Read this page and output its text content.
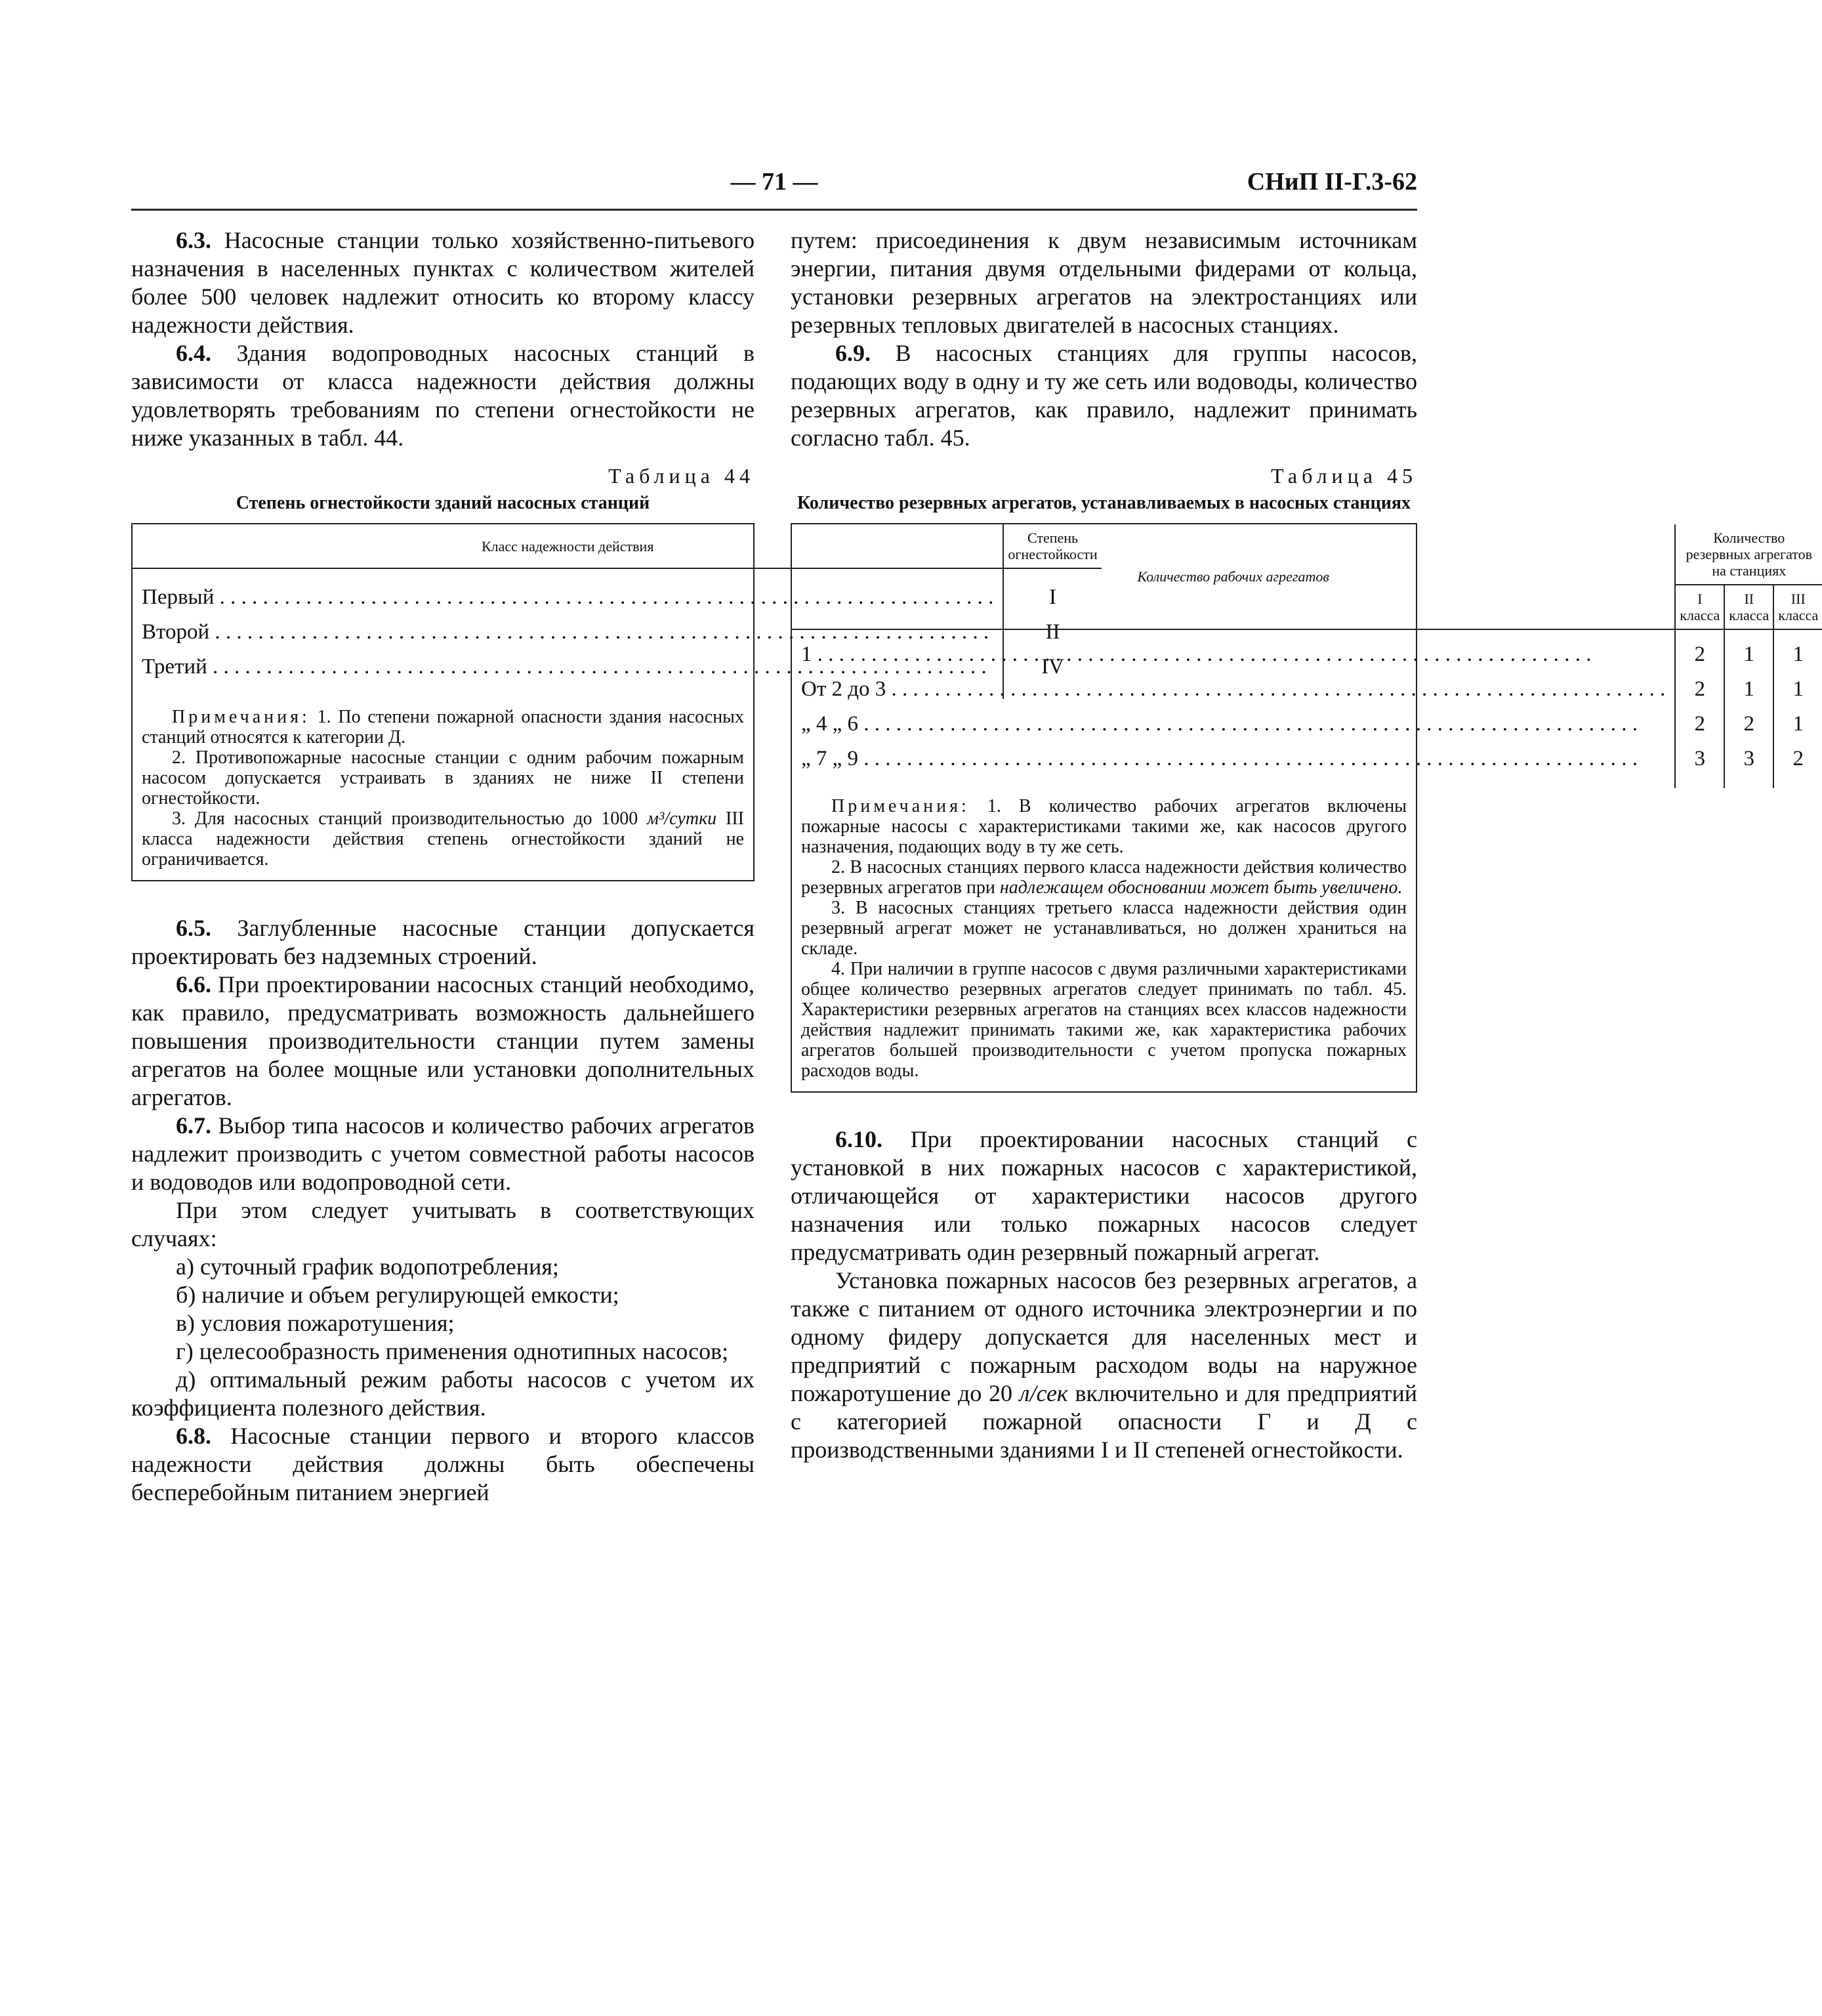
— 71 —	СНиП II-Г.3-62

6.3. Насосные станции только хозяйственно-питьевого назначения в населенных пунктах с количеством жителей более 500 человек надлежит относить ко второму классу надежности действия.

6.4. Здания водопроводных насосных станций в зависимости от класса надежности действия должны удовлетворять требованиям по степени огнестойкости не ниже указанных в табл. 44.

Таблица 44
Степень огнестойкости зданий насосных станций
Класс надежности действия	Степень огнестойкости

Первый . . .	I
Второй . . .	II
Третий . . .	IV

Примечания: 1. По степени пожарной опасности здания насосных станций относятся к категории Д.

2. Противопожарные насосные станции с одним рабочим пожарным насосом допускается устраивать в зданиях не ниже II степени огнестойкости.

3. Для насосных станций производительностью до 1000 м³/сутки III класса надежности действия степень огнестойкости зданий не ограничивается.

6.5. Заглубленные насосные станции допускается проектировать без надземных строений.

6.6. При проектировании насосных станций необходимо, как правило, предусматривать возможность дальнейшего повышения производительности станции путем замены агрегатов на более мощные или установки дополнительных агрегатов.

6.7. Выбор типа насосов и количество рабочих агрегатов надлежит производить с учетом совместной работы насосов и водоводов или водопроводной сети.

При этом следует учитывать в соответствующих случаях:

а) суточный график водопотребления;

б) наличие и объем регулирующей емкости;

в) условия пожаротушения;

г) целесообразность применения однотипных насосов;

д) оптимальный режим работы насосов с учетом их коэффициента полезного действия.

6.8. Насосные станции первого и второго классов надежности действия должны быть обеспечены бесперебойным питанием энергией

путем: присоединения к двум независимым источникам энергии, питания двумя отдельными фидерами от кольца, установки резервных агрегатов на электростанциях или резервных тепловых двигателей в насосных станциях.

6.9. В насосных станциях для группы насосов, подающих воду в одну и ту же сеть или водоводы, количество резервных агрегатов, как правило, надлежит принимать согласно табл. 45.

Таблица 45
Количество резервных агрегатов, устанавливаемых в насосных станциях
Количество рабочих агрегатов	Количество резервных агрегатов на станциях		
	I класса	II класса	III класса

1 . . .	2	1	1
От 2 до 3 . . .	2	1	1
„ 4 „ 6 . . .	2	2	1
„ 7 „ 9 . . .	3	3	2

Примечания: 1. В количество рабочих агрегатов включены пожарные насосы с характеристиками такими же, как насосов другого назначения, подающих воду в ту же сеть.

2. В насосных станциях первого класса надежности действия количество резервных агрегатов при надлежащем обосновании может быть увеличено.

3. В насосных станциях третьего класса надежности действия один резервный агрегат может не устанавливаться, но должен храниться на складе.

4. При наличии в группе насосов с двумя различными характеристиками общее количество резервных агрегатов следует принимать по табл. 45. Характеристики резервных агрегатов на станциях всех классов надежности действия надлежит принимать такими же, как характеристика рабочих агрегатов большей производительности с учетом пропуска пожарных расходов воды.

6.10. При проектировании насосных станций с установкой в них пожарных насосов с характеристикой, отличающейся от характеристики насосов другого назначения или только пожарных насосов следует предусматривать один резервный пожарный агрегат.

Установка пожарных насосов без резервных агрегатов, а также с питанием от одного источника электроэнергии и по одному фидеру допускается для населенных мест и предприятий с пожарным расходом воды на наружное пожаротушение до 20 л/сек включительно и для предприятий с категорией пожарной опасности Г и Д с производственными зданиями I и II степеней огнестойкости.
